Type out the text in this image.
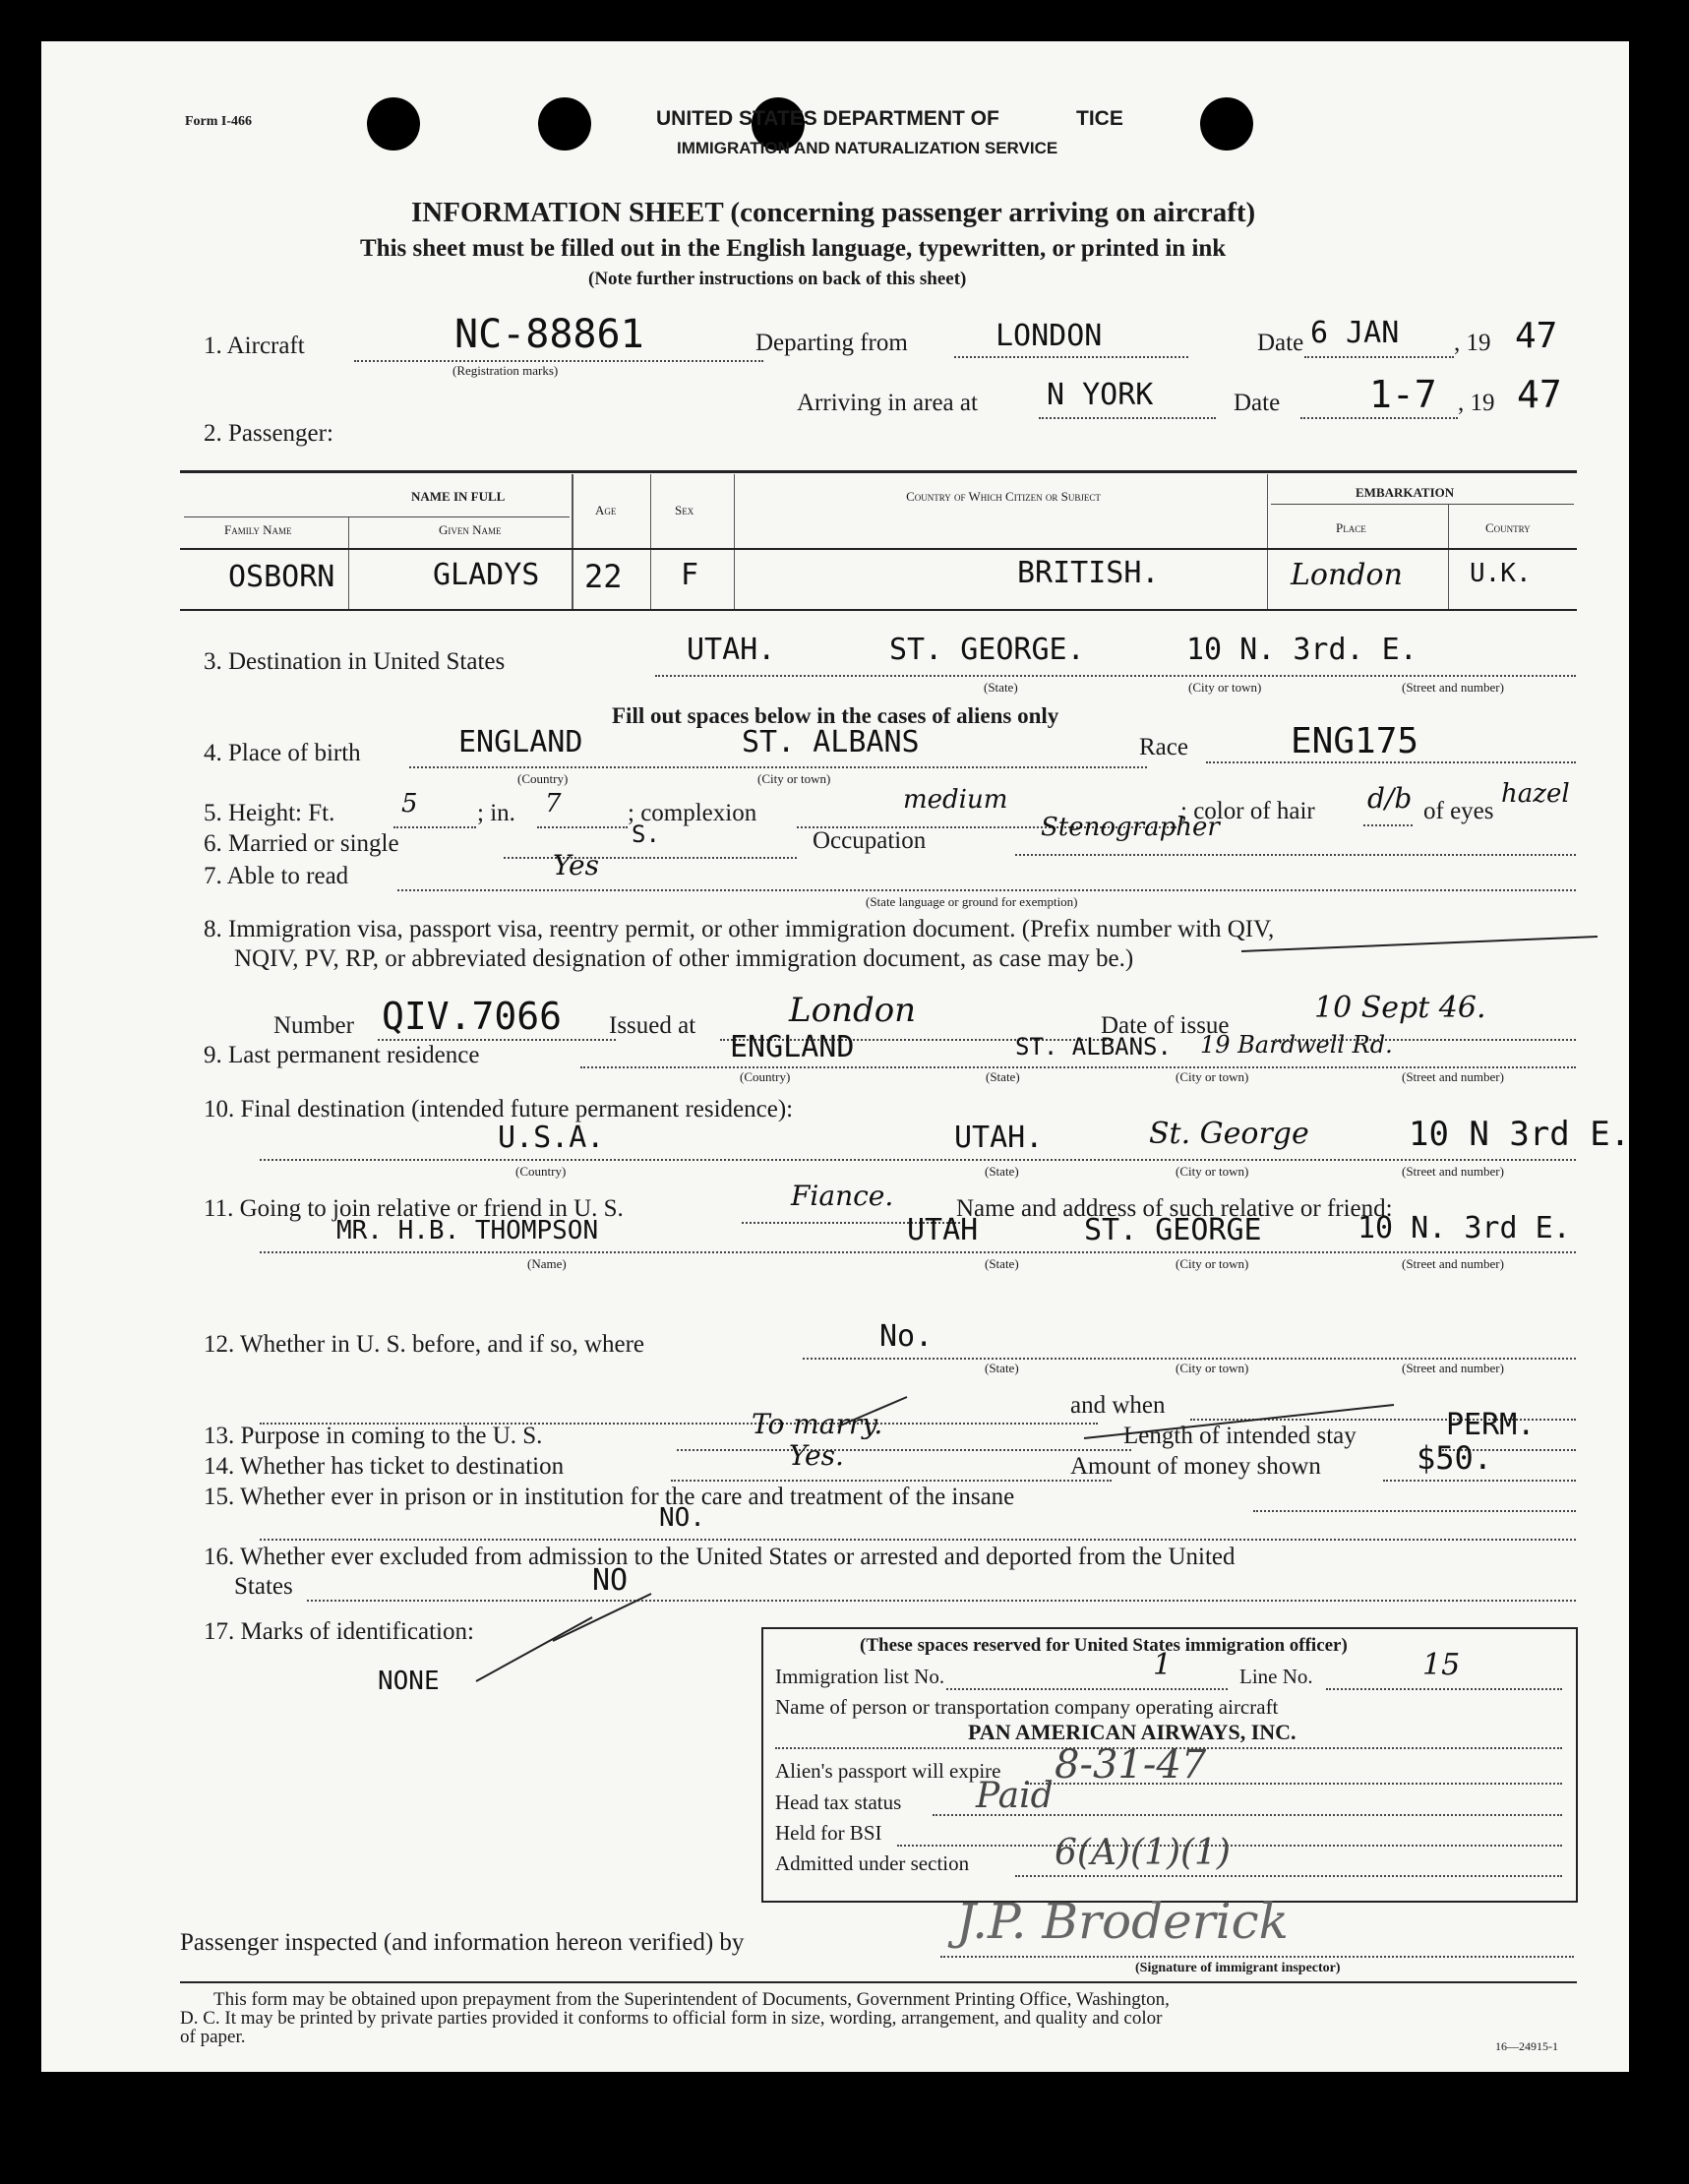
Form I-466	UNITED STATES DEPARTMENT OF	TICE
IMMIGRATION AND NATURALIZATION SERVICE
INFORMATION SHEET (concerning passenger arriving on aircraft)
This sheet must be filled out in the English language, typewritten, or printed in ink
(Note further instructions on back of this sheet)
1. Aircraft	NC-88861
(Registration marks)
Departing from	LONDON	Date 6 JAN , 19 47
Arriving in area at N YORK	Date 1-7 , 19 47
2. Passenger:
NAME IN FULL
Family Name	Given Name
Age	Sex
Country of Which Citizen or Subject	EMBARKATION
Place	Country
OSBORN	GLADYS 22 F	BRITISH.	London	U.K.
3. Destination in United States	UTAH.	ST. GEORGE.	10 N. 3rd. E.
(State)	(City or town)	(Street and number)
Fill out spaces below in the cases of aliens only
4. Place of birth	ENGLAND	ST. ALBANS
(Country)	(City or town)
Race	ENG175
5. Height: Ft.	5 ; in. 7	; complexion	medium	; color of hair d/b of eyes
hazel
6. Married or single	S.	Occupation	Stenographer
7. Able to read	Yes
(State language or ground for exemption)
8. Immigration visa, passport visa, reentry permit, or other immigration document. (Prefix number with QIV,
NQIV, PV, RP, or abbreviated designation of other immigration document, as case may be.)
Number QIV.7066 Issued at	London	Date of issue
10 Sept 46.
9. Last permanent residence	ENGLAND	ST. ALBANS. 19 Bardwell Rd.
(Country)	(State)	(City or town)	(Street and number)
10. Final destination (intended future permanent residence):
U.S.A.	UTAH.	St. George	10 N 3rd E.
(Country)	(State)	(City or town)	(Street and number)
11. Going to join relative or friend in U. S.	Fiance.	Name and address of such relative or friend:
MR. H.B. THOMPSON	UTAH	ST. GEORGE	10 N. 3rd E.
(Name)	(State)	(City or town)	(Street and number)
12. Whether in U. S. before, and if so, where	No.
(State)	(City or town)	(Street and number)
and when
13. Purpose in coming to the U. S.	To marry.	Length of intended stay	PERM.
14. Whether has ticket to destination	Yes.	Amount of money shown	$50.
15. Whether ever in prison or in institution for the care and treatment of the insane
NO.
16. Whether ever excluded from admission to the United States or arrested and deported from the United
States	NO
17. Marks of identification:
NONE
(These spaces reserved for United States immigration officer)
Immigration list No.	1	Line No.	15
Name of person or transportation company operating aircraft
PAN AMERICAN AIRWAYS, INC.
Alien's passport will expire 8-31-47
Head tax status Paid
Held for BSI
Admitted under section 6(A)(1)(1)
Passenger inspected (and information hereon verified) by	J.P. Broderick
(Signature of immigrant inspector)
This form may be obtained upon prepayment from the Superintendent of Documents, Government Printing Office, Washington,
D. C. It may be printed by private parties provided it conforms to official form in size, wording, arrangement, and quality and color
of paper.	16—24915-1
